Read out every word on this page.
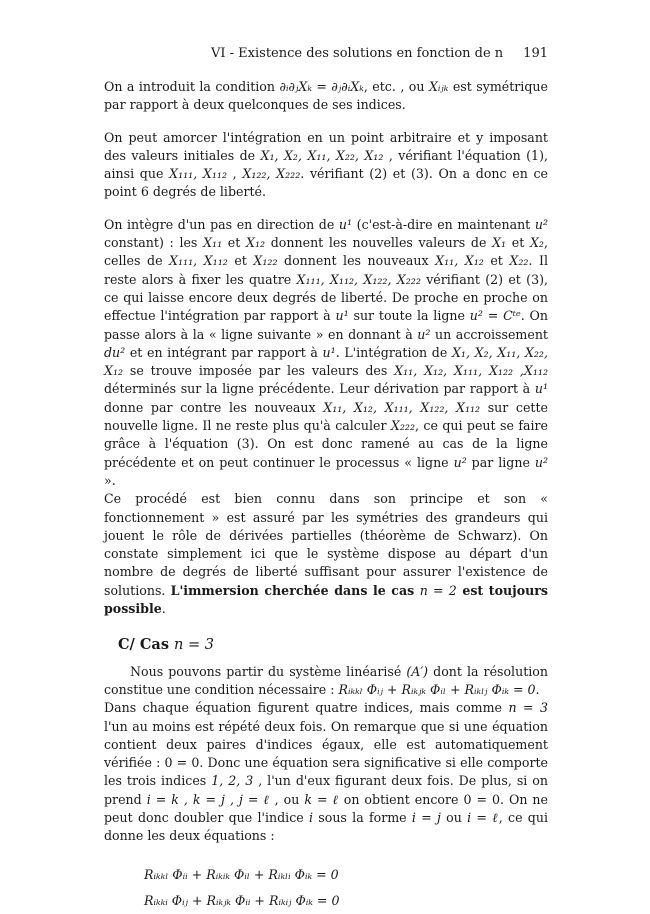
VI - Existence des solutions en fonction de n 191

On a introduit la condition ∂ᵢ∂ⱼXₖ = ∂ⱼ∂ᵢXₖ, etc. , ou Xᵢⱼₖ est symétrique par rapport à deux quelconques de ses indices.

On peut amorcer l'intégration en un point arbitraire et y imposant des valeurs initiales de X₁, X₂, X₁₁, X₂₂, X₁₂ , vérifiant l'équation (1), ainsi que X₁₁₁, X₁₁₂ , X₁₂₂, X₂₂₂. vérifiant (2) et (3). On a donc en ce point 6 degrés de liberté.

On intègre d'un pas en direction de u¹ (c'est-à-dire en maintenant u² constant) : les X₁₁ et X₁₂ donnent les nouvelles valeurs de X₁ et X₂, celles de X₁₁₁, X₁₁₂ et X₁₂₂ donnent les nouveaux X₁₁, X₁₂ et X₂₂. Il reste alors à fixer les quatre X₁₁₁, X₁₁₂, X₁₂₂, X₂₂₂ vérifiant (2) et (3), ce qui laisse encore deux degrés de liberté. De proche en proche on effectue l'intégration par rapport à u¹ sur toute la ligne u² = Cᵗᵉ. On passe alors à la « ligne suivante » en donnant à u² un accroissement du² et en intégrant par rapport à u¹. L'intégration de X₁, X₂, X₁₁, X₂₂, X₁₂ se trouve imposée par les valeurs des X₁₁, X₁₂, X₁₁₁, X₁₂₂ ,X₁₁₂ déterminés sur la ligne précédente. Leur dérivation par rapport à u¹ donne par contre les nouveaux X₁₁, X₁₂, X₁₁₁, X₁₂₂, X₁₁₂ sur cette nouvelle ligne. Il ne reste plus qu'à calculer X₂₂₂, ce qui peut se faire grâce à l'équation (3). On est donc ramené au cas de la ligne précédente et on peut continuer le processus « ligne u² par ligne u² ».

Ce procédé est bien connu dans son principe et son « fonctionnement » est assuré par les symétries des grandeurs qui jouent le rôle de dérivées partielles (théorème de Schwarz). On constate simplement ici que le système dispose au départ d'un nombre de degrés de liberté suffisant pour assurer l'existence de solutions. L'immersion cherchée dans le cas n = 2 est toujours possible.

C/ Cas n = 3

Nous pouvons partir du système linéarisé (A′) dont la résolution constitue une condition nécessaire : Rᵢₖₖₗ Φᵢⱼ + Rᵢₖⱼₖ Φᵢₗ + Rᵢₖₗⱼ Φᵢₖ = 0.

Dans chaque équation figurent quatre indices, mais comme n = 3 l'un au moins est répété deux fois. On remarque que si une équation contient deux paires d'indices égaux, elle est automatiquement vérifiée : 0 = 0. Donc une équation sera significative si elle comporte les trois indices 1, 2, 3 , l'un d'eux figurant deux fois. De plus, si on prend i = k , k = j , j = ℓ , ou k = ℓ on obtient encore 0 = 0. On ne peut donc doubler que l'indice i sous la forme i = j ou i = ℓ, ce qui donne les deux équations :

Rᵢₖₖₗ Φᵢᵢ + Rᵢₖᵢₖ Φᵢₗ + Rᵢₖₗᵢ Φᵢₖ = 0
Rᵢₖₖᵢ Φᵢⱼ + Rᵢₖⱼₖ Φᵢᵢ + Rᵢₖᵢⱼ Φᵢₖ = 0
